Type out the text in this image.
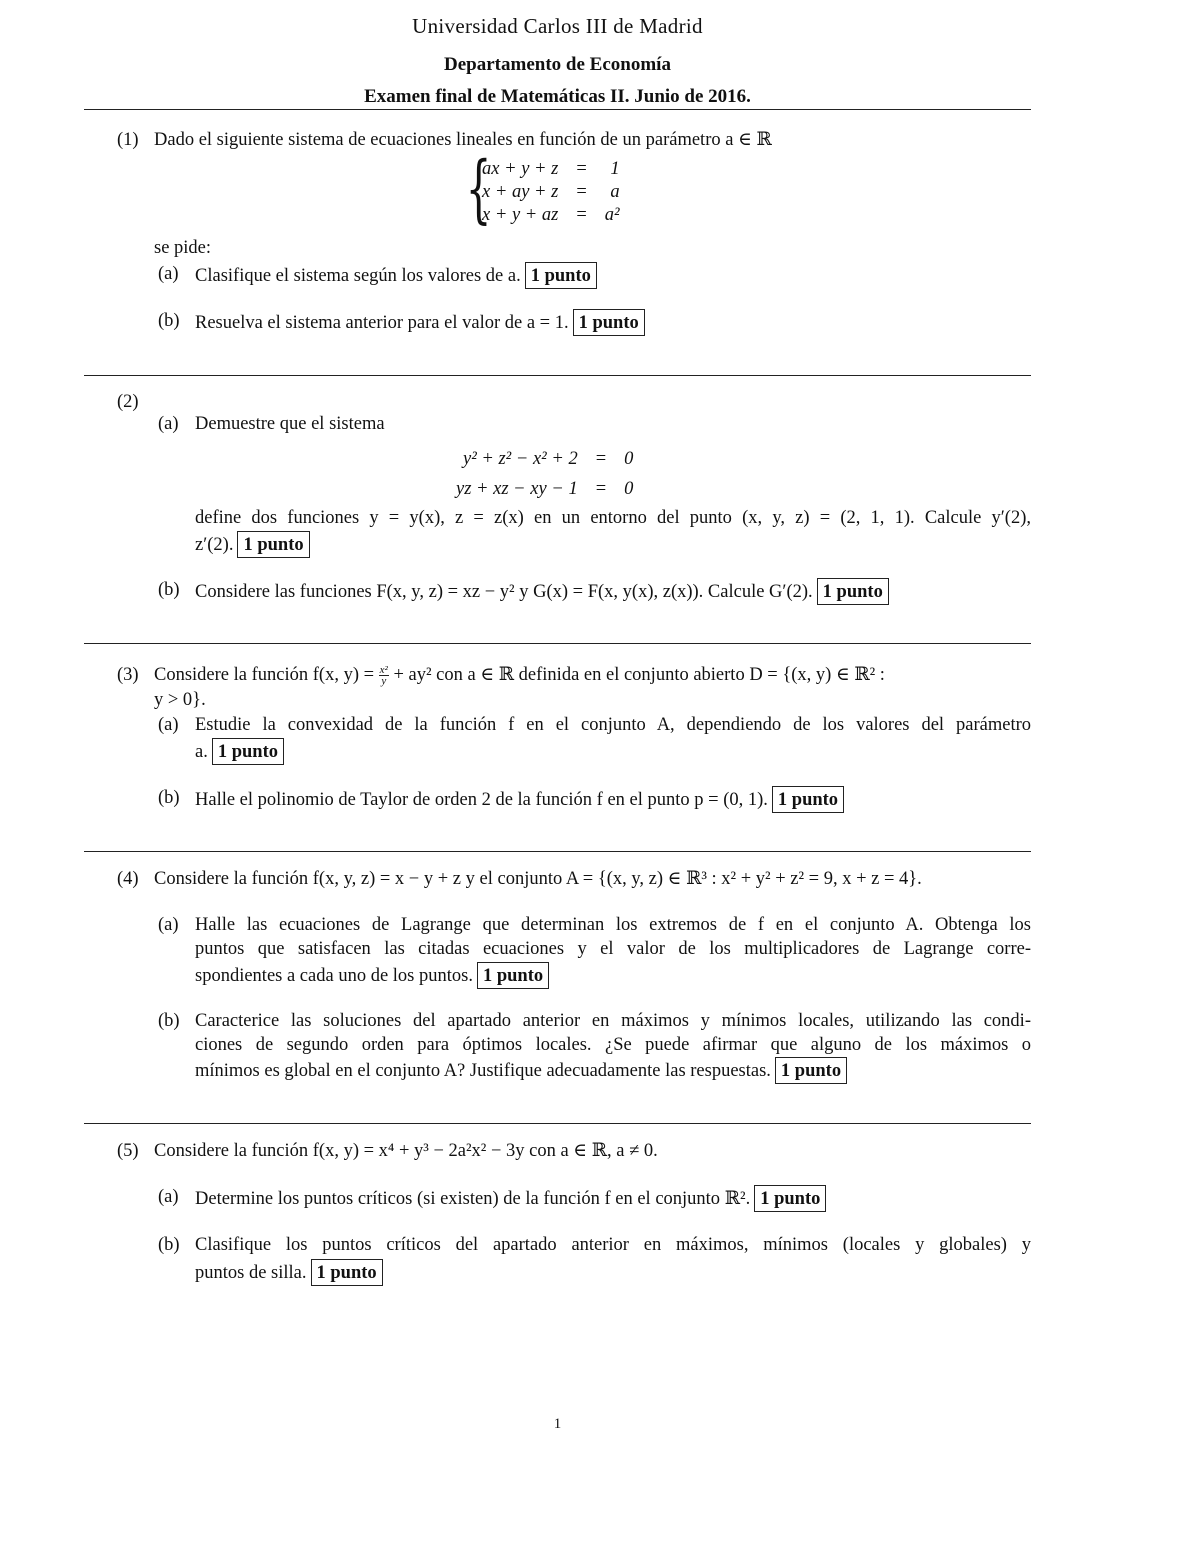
Universidad Carlos III de Madrid
Departamento de Economía
Examen final de Matemáticas II. Junio de 2016.
(1) Dado el siguiente sistema de ecuaciones lineales en función de un parámetro a ∈ ℝ
{
ax + y + z	=	1
x + ay + z	=	a
x + y + az	=	a²
se pide:
(a) Clasifique el sistema según los valores de a. 1 punto
(b) Resuelva el sistema anterior para el valor de a = 1. 1 punto
(2)
(a) Demuestre que el sistema
y² + z² − x² + 2	=	0
yz + xz − xy − 1	=	0
define dos funciones y = y(x), z = z(x) en un entorno del punto (x, y, z) = (2, 1, 1). Calcule y′(2),
z′(2). 1 punto
(b) Considere las funciones F(x, y, z) = xz − y² y G(x) = F(x, y(x), z(x)). Calcule G′(2). 1 punto
(3) Considere la función f(x, $y) = \frac{\text{x²}}{y} + ay^2$ con a ∈ ℝ definida en el conjunto abierto D = {(x, y) ∈ ℝ² :
y > 0}.
(a) Estudie la convexidad de la función f en el conjunto A, dependiendo de los valores del parámetro
a. 1 punto
(b) Halle el polinomio de Taylor de orden 2 de la función f en el punto p = (0, 1). 1 punto
(4) Considere la función f(x, y, z) = x − y + z y el conjunto A = {(x, y, z) ∈ ℝ³ : x² + y² + z² = 9, x + z = 4}.
(a) Halle las ecuaciones de Lagrange que determinan los extremos de f en el conjunto A. Obtenga los
puntos que satisfacen las citadas ecuaciones y el valor de los multiplicadores de Lagrange corre-
spondientes a cada uno de los puntos. 1 punto
(b) Caracterice las soluciones del apartado anterior en máximos y mínimos locales, utilizando las condi-
ciones de segundo orden para óptimos locales. ¿Se puede afirmar que alguno de los máximos o
mínimos es global en el conjunto A? Justifique adecuadamente las respuestas. 1 punto
(5) Considere la función f(x, y) = x⁴ + y³ − 2a²x² − 3y con a ∈ ℝ, a ≠ 0.
(a) Determine los puntos críticos (si existen) de la función f en el conjunto ℝ². 1 punto
(b) Clasifique los puntos críticos del apartado anterior en máximos, mínimos (locales y globales) y
puntos de silla. 1 punto
1
